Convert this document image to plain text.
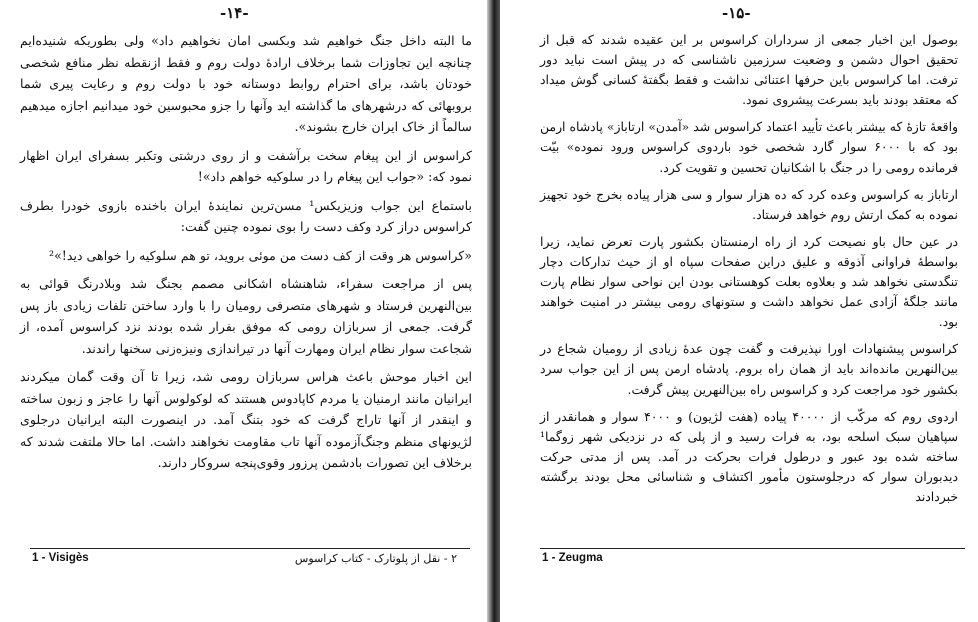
-۱۴-

ما البته داخل جنگ خواهیم شد وبکسی امان نخواهیم داد» ولی بطوریکه شنیده‌ایم چنانچه این تجاوزات شما برخلاف ارادهٔ دولت روم و فقط ازنقطه نظر منافع شخصی خودتان باشد، برای احترام روابط دوستانه خود با دولت روم و رعایت پیری شما بروبهائی که درشهرهای ما گذاشته اید وآنها را جزو محبوسین خود میدانیم اجازه میدهیم سالماً از خاک ایران خارج بشوند».

کراسوس از این پیغام سخت برآشفت و از روی درشتی وتکبر بسفرای ایران اظهار نمود که: «جواب این پیغام را در سلوکیه خواهم داد»!

باستماع این جواب وزیزیکس¹ مسن‌ترین نمایندهٔ ایران باخنده بازوی خودرا بطرف کراسوس دراز کرد وکف دست را بوی نموده چنین گفت:

«کراسوس هر وقت از کف دست من موئی بروید، تو هم سلوکیه را خواهی دید!»²

پس از مراجعت سفراء، شاهنشاه اشکانی مصمم بجنگ شد وبلادرنگ قوائی به بین‌النهرین فرستاد و شهرهای متصرفی رومیان را با وارد ساختن تلفات زیادی باز پس گرفت. جمعی از سربازان رومی که موفق بفرار شده بودند نزد کراسوس آمده، از شجاعت سوار نظام ایران ومهارت آنها در تیراندازی ونیزه‌زنی سخنها راندند.

این اخبار موحش باعث هراس سربازان رومی شد، زیرا تا آن وقت گمان میکردند ایرانیان مانند ارمنیان یا مردم کاپادوس هستند که لوکولوس آنها را عاجز و زبون ساخته و اینقدر از آنها تاراج گرفت که خود بتنگ آمد. در اینصورت البته ایرانیان درجلوی لژیونهای منظم وجنگ‌آزموده آنها تاب مقاومت نخواهند داشت. اما حالا ملتفت شدند که برخلاف این تصورات بادشمن پرزور وقوی‌پنجه سروکار دارند.

1 - Visigès	۲ - نقل از پلوتارک - کتاب کراسوس
-۱۵-

بوصول این اخبار جمعی از سرداران کراسوس بر این عقیده شدند که قبل از تحقیق احوال دشمن و وضعیت سرزمین ناشناسی که در پیش است نباید دور ترفت. اما کراسوس باین حرفها اعتنائی نداشت و فقط بگفتهٔ کسانی گوش میداد که معتقد بودند باید بسرعت پیشروی نمود.

واقعهٔ تازهٔ که بیشتر باعث تأیید اعتماد کراسوس شد «آمدن» ارتاباز» پادشاه ارمن بود که با ۶۰۰۰ سوار گارد شخصی خود باردوی کراسوس ورود نموده» بیّت فرمانده رومی را در جنگ با اشکانیان تحسین و تقویت کرد.

ارتاباز به کراسوس وعده کرد که ده هزار سوار و سی هزار پیاده بخرج خود تجهیز نموده به کمک ارتش روم خواهد فرستاد.

در عین حال باو نصیحت کرد از راه ارمنستان بکشور پارت تعرض نماید، زیرا بواسطهٔ فراوانی آذوقه و علیق دراین صفحات سپاه او از حیث تدارکات دچار تنگدستی نخواهد شد و بعلاوه بعلت کوهستانی بودن این نواحی سوار نظام پارت مانند جلگهٔ آزادی عمل نخواهد داشت و ستونهای رومی بیشتر در امنیت خواهند بود.

کراسوس پیشنهادات اورا نپذیرفت و گفت چون عدهٔ زیادی از رومیان شجاع در بین‌النهرین مانده‌اند باید از همان راه بروم. پادشاه ارمن پس از این جواب سرد بکشور خود مراجعت کرد و کراسوس راه بین‌النهرین پیش گرفت.

اردوی روم که مرکّب از ۴۰۰۰۰ پیاده (هفت لژیون) و ۴۰۰۰ سوار و همانقدر از سپاهیان سبک اسلحه بود، به فرات رسید و از پلی که در نزدیکی شهر زوگما¹ ساخته شده بود عبور و درطول فرات بحرکت در آمد. پس از مدتی حرکت دیدبوران سوار که درجلوستون مأمور اکتشاف و شناسائی محل بودند برگشته خبردادند

1 - Zeugma
